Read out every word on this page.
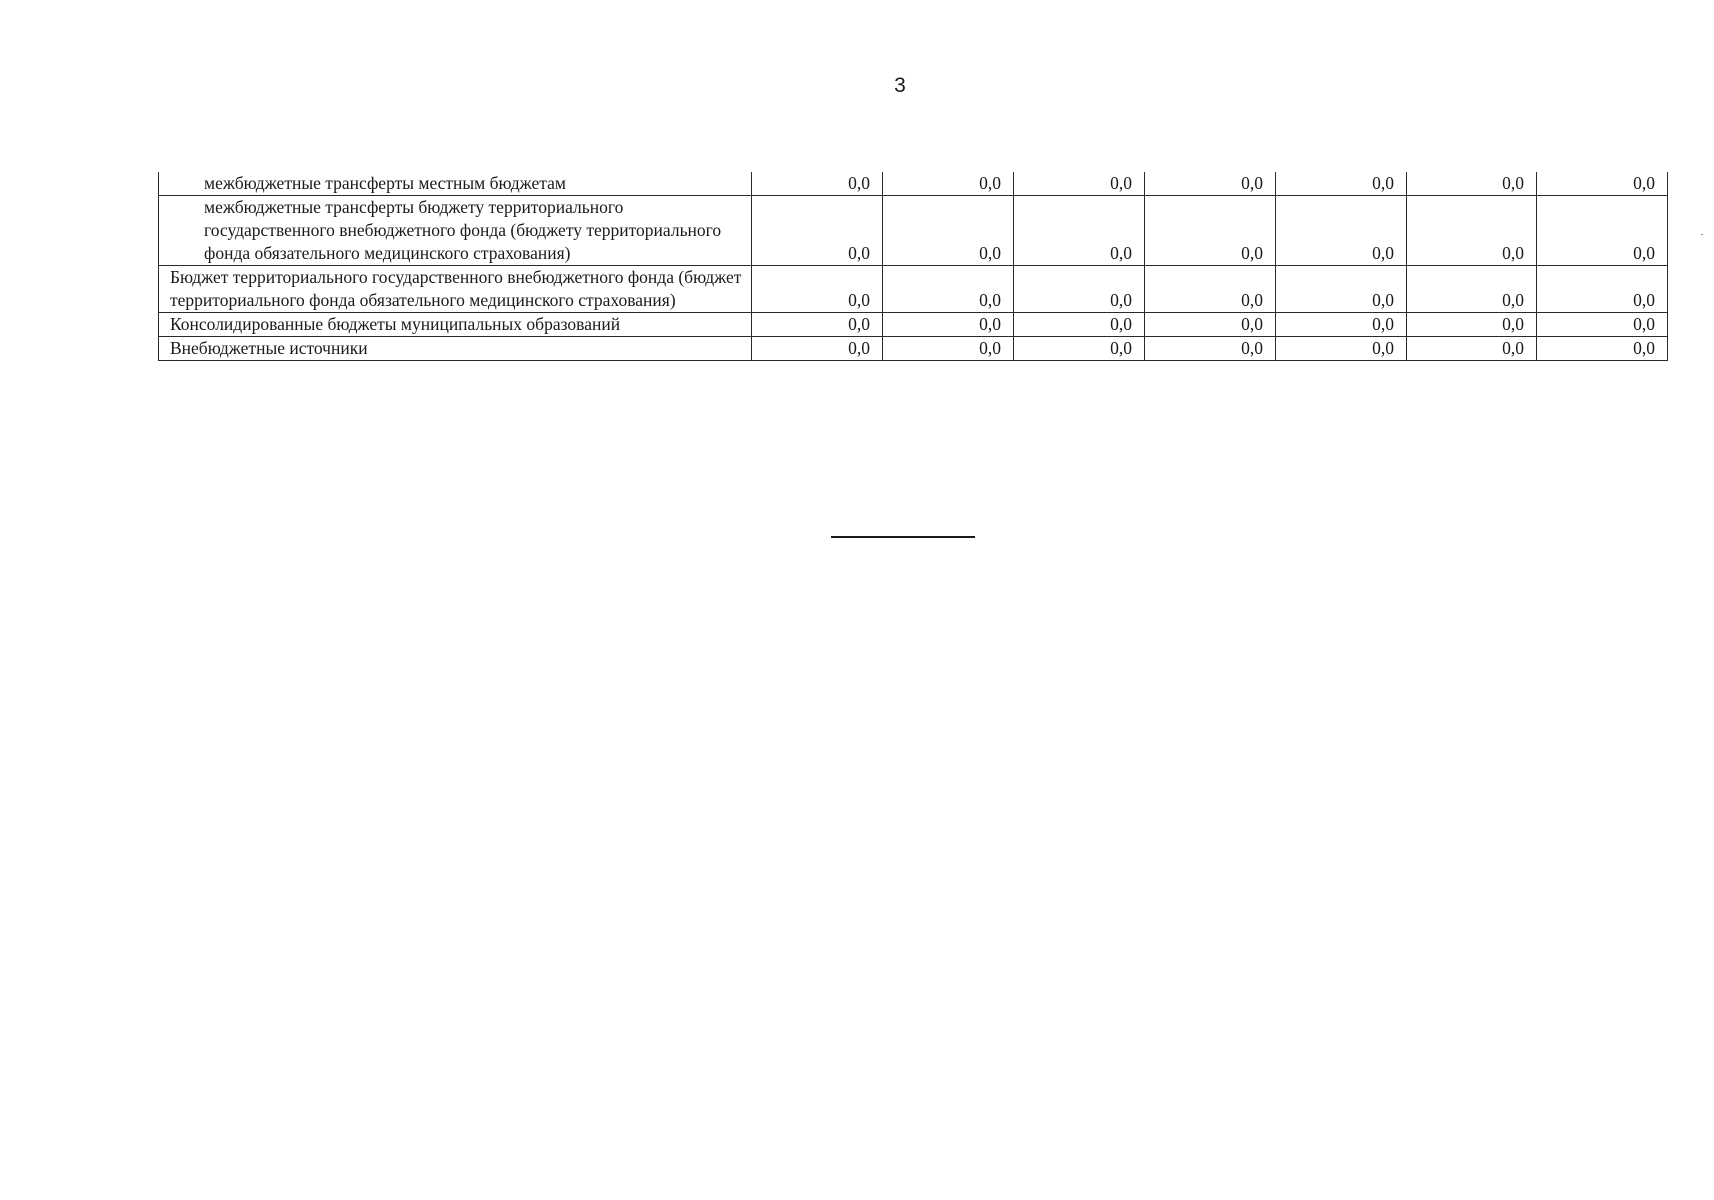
3
межбюджетные трансферты местным бюджетам	0,0	0,0	0,0	0,0	0,0	0,0	0,0
межбюджетные трансферты бюджету территориального государственного внебюджетного фонда (бюджету территориального фонда обязательного медицинского страхования)	0,0	0,0	0,0	0,0	0,0	0,0	0,0
Бюджет территориального государственного внебюджетного фонда (бюджет территориального фонда обязательного медицинского страхования)	0,0	0,0	0,0	0,0	0,0	0,0	0,0
Консолидированные бюджеты муниципальных образований	0,0	0,0	0,0	0,0	0,0	0,0	0,0
Внебюджетные источники	0,0	0,0	0,0	0,0	0,0	0,0	0,0
